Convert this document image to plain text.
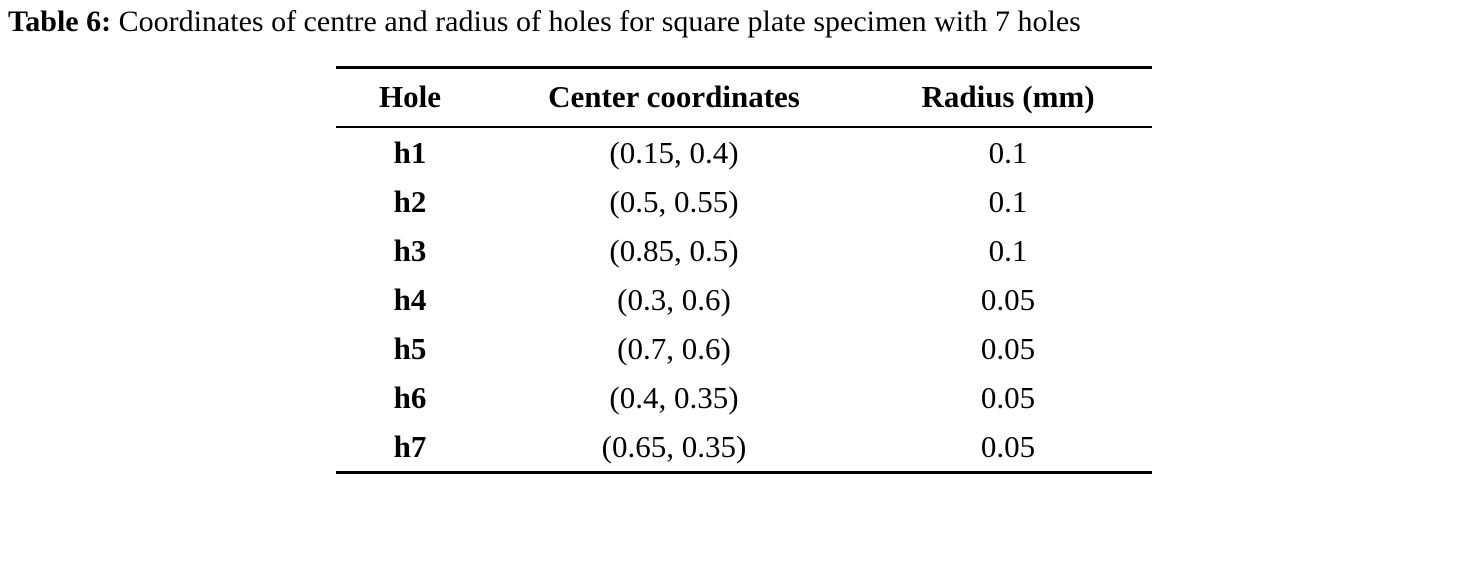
Table 6: Coordinates of centre and radius of holes for square plate specimen with 7 holes
Hole	Center coordinates	Radius (mm)
h1	(0.15, 0.4)	0.1
h2	(0.5, 0.55)	0.1
h3	(0.85, 0.5)	0.1
h4	(0.3, 0.6)	0.05
h5	(0.7, 0.6)	0.05
h6	(0.4, 0.35)	0.05
h7	(0.65, 0.35)	0.05
